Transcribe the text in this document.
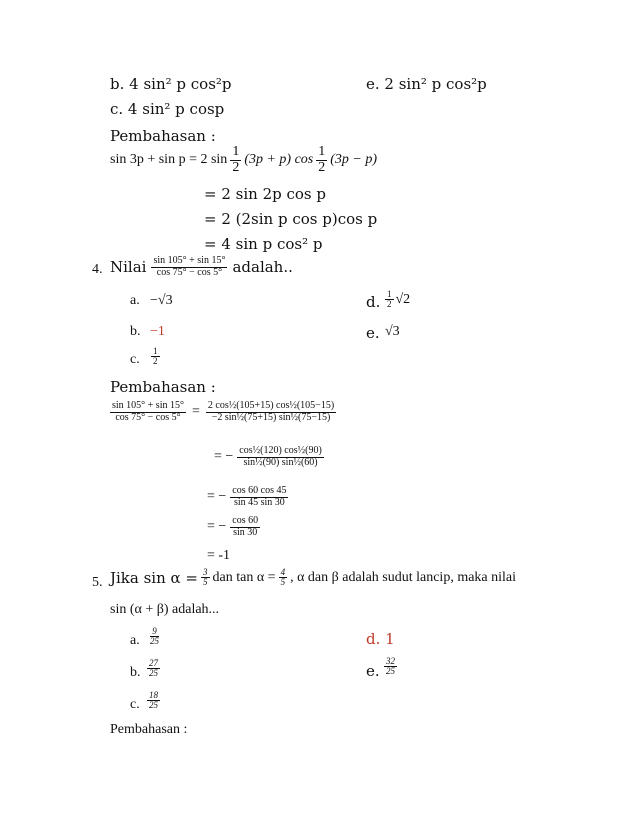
b. 4 sin² p cos²p	e. 2 sin² p cos²p
c. 4 sin² p cosp
Pembahasan :
sin 3p + sin p = 2 $\sin \frac{1}{2} (3p + p)$ $\cos \frac{1}{2} (3p - p)$
= 2 sin 2p cos p
= 2 (2sin p cos p)cos p
= 4 sin p cos² p
4. Nilai $\frac{\sin 105^\circ + \sin 15^\circ}{\cos 75^\circ - \cos 5^\circ}$ adalah..
a. −√3	d. $\frac{1}{2} √2$
b. −1	e. √3
c. $\frac{1}{2}$
Pembahasan :
$\frac{\sin 105^\circ + \sin 15^\circ}{\cos 75^\circ - \cos 5^\circ} = \frac{\text{2 cos½(105+15) cos½(105−15)}}{\text{−2 sin½(75+15) sin½(75−15)}}$
= − $\frac{\text{cos½(120) cos½(90)}}{\text{sin½(90) sin½(60)}}$
= − $\frac{\cos 60 \cos 45}{\sin 45 \sin 30}$
= − $\frac{\cos 60}{\sin 30}$
= -1
5. Jika $\sin \alpha = \frac{3}{5}$ dan $\tan \alpha = \frac{4}{5}$ , α dan β adalah sudut lancip, maka nilai
sin (α + β) adalah...
a. $\frac{9}{25}$	d. 1
b. $\frac{27}{25}$	e. $\frac{32}{25}$
c. $\frac{18}{25}$
Pembahasan :
